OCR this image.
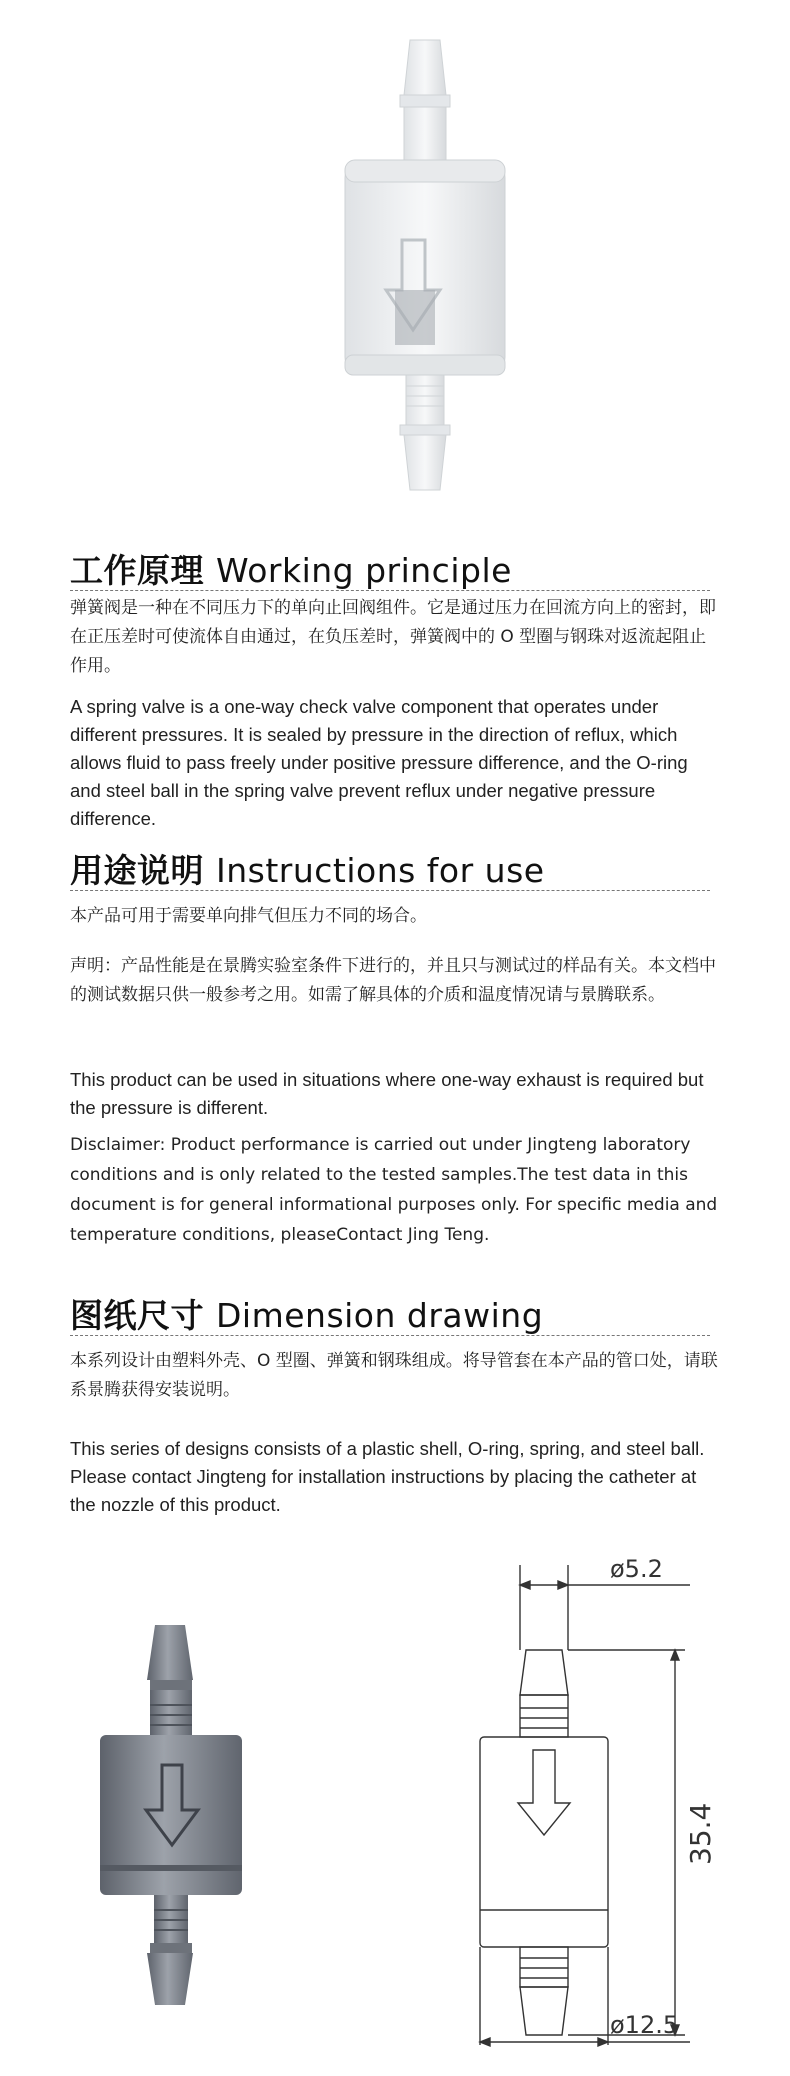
工作原理 Working principle
弹簧阀是一种在不同压力下的单向止回阀组件。它是通过压力在回流方向上的密封，即在正压差时可使流体自由通过，在负压差时，弹簧阀中的 O 型圈与钢珠对返流起阻止作用。
A spring valve is a one-way check valve component that operates under different pressures. It is sealed by pressure in the direction of reflux, which allows fluid to pass freely under positive pressure difference, and the O-ring and steel ball in the spring valve prevent reflux under negative pressure difference.
用途说明 Instructions for use
本产品可用于需要单向排气但压力不同的场合。
声明：产品性能是在景腾实验室条件下进行的，并且只与测试过的样品有关。本文档中的测试数据只供一般参考之用。如需了解具体的介质和温度情况请与景腾联系。
This product can be used in situations where one-way exhaust is required but the pressure is different.
Disclaimer: Product performance is carried out under Jingteng laboratory conditions and is only related to the tested samples.The test data in this document is for general informational purposes only. For specific media and temperature conditions, pleaseContact Jing Teng.
图纸尺寸 Dimension drawing
本系列设计由塑料外壳、O 型圈、弹簧和钢珠组成。将导管套在本产品的管口处，请联系景腾获得安装说明。
This series of designs consists of a plastic shell, O-ring, spring, and steel ball. Please contact Jingteng for installation instructions by placing the catheter at the nozzle of this product.
ø5.2
ø12.5
35.4
